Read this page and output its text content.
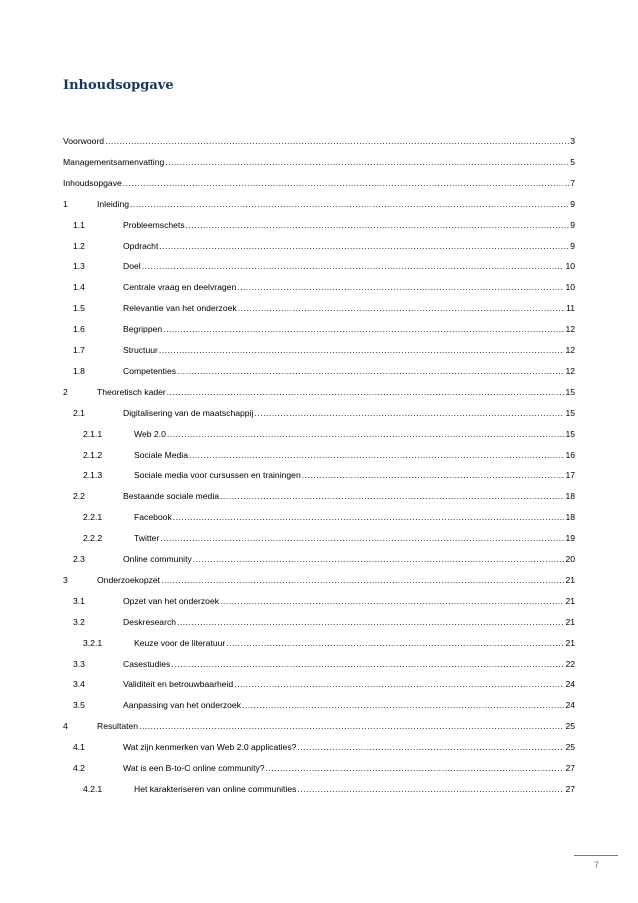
Inhoudsopgave
Voorwoord .....	3
Managementsamenvatting .....	5
Inhoudsopgave .....	7
1	Inleiding .....	9
1.1	Probleemschets .....	9
1.2	Opdracht .....	9
1.3	Doel .....	10
1.4	Centrale vraag en deelvragen .....	10
1.5	Relevantie van het onderzoek .....	11
1.6	Begrippen .....	12
1.7	Structuur .....	12
1.8	Competenties .....	12
2	Theoretisch kader .....	15
2.1	Digitalisering van de maatschappij .....	15
2.1.1	Web 2.0 .....	15
2.1.2	Sociale Media .....	16
2.1.3	Sociale media voor cursussen en trainingen .....	17
2.2	Bestaande sociale media .....	18
2.2.1	Facebook .....	18
2.2.2	Twitter .....	19
2.3	Online community .....	20
3	Onderzoekopzet .....	21
3.1	Opzet van het onderzoek .....	21
3.2	Deskresearch .....	21
3.2.1	Keuze voor de literatuur .....	21
3.3	Casestudies .....	22
3.4	Validiteit en betrouwbaarheid .....	24
3.5	Aanpassing van het onderzoek .....	24
4	Resultaten .....	25
4.1	Wat zijn kenmerken van Web 2.0 applicaties? .....	25
4.2	Wat is een B-to-C online community? .....	27
4.2.1	Het karakteriseren van online communities .....	27
7
